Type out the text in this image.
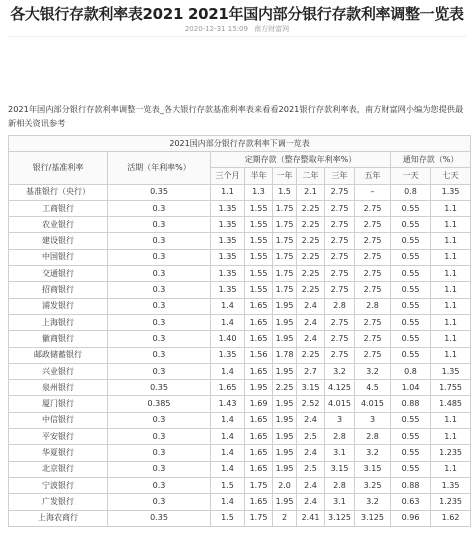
各大银行存款利率表2021 2021年国内部分银行存款利率调整一览表
2020-12-31 15:09 南方财富网
2021年国内部分银行存款利率调整一览表_各大银行存款基准利率表来看看2021银行存款利率表，南方财富网小编为您提供最新相关资讯参考
2021国内部分银行存款利率下调一览表									
银行/基准利率	活期（年利率%）	定期存款（整存整取年利率%）						通知存款（%）	
		三个月	半年	一年	二年	三年	五年	一天	七天
基准银行（央行）	0.35	1.1	1.3	1.5	2.1	2.75	–	0.8	1.35
工商银行	0.3	1.35	1.55	1.75	2.25	2.75	2.75	0.55	1.1
农业银行	0.3	1.35	1.55	1.75	2.25	2.75	2.75	0.55	1.1
建设银行	0.3	1.35	1.55	1.75	2.25	2.75	2.75	0.55	1.1
中国银行	0.3	1.35	1.55	1.75	2.25	2.75	2.75	0.55	1.1
交通银行	0.3	1.35	1.55	1.75	2.25	2.75	2.75	0.55	1.1
招商银行	0.3	1.35	1.55	1.75	2.25	2.75	2.75	0.55	1.1
浦发银行	0.3	1.4	1.65	1.95	2.4	2.8	2.8	0.55	1.1
上海银行	0.3	1.4	1.65	1.95	2.4	2.75	2.75	0.55	1.1
徽商银行	0.3	1.40	1.65	1.95	2.4	2.75	2.75	0.55	1.1
邮政储蓄银行	0.3	1.35	1.56	1.78	2.25	2.75	2.75	0.55	1.1
兴业银行	0.3	1.4	1.65	1.95	2.7	3.2	3.2	0.8	1.35
泉州银行	0.35	1.65	1.95	2.25	3.15	4.125	4.5	1.04	1.755
厦门银行	0.385	1.43	1.69	1.95	2.52	4.015	4.015	0.88	1.485
中信银行	0.3	1.4	1.65	1.95	2.4	3	3	0.55	1.1
平安银行	0.3	1.4	1.65	1.95	2.5	2.8	2.8	0.55	1.1
华夏银行	0.3	1.4	1.65	1.95	2.4	3.1	3.2	0.55	1.235
北京银行	0.3	1.4	1.65	1.95	2.5	3.15	3.15	0.55	1.1
宁波银行	0.3	1.5	1.75	2.0	2.4	2.8	3.25	0.88	1.35
广发银行	0.3	1.4	1.65	1.95	2.4	3.1	3.2	0.63	1.235
上海农商行	0.35	1.5	1.75	2	2.41	3.125	3.125	0.96	1.62
